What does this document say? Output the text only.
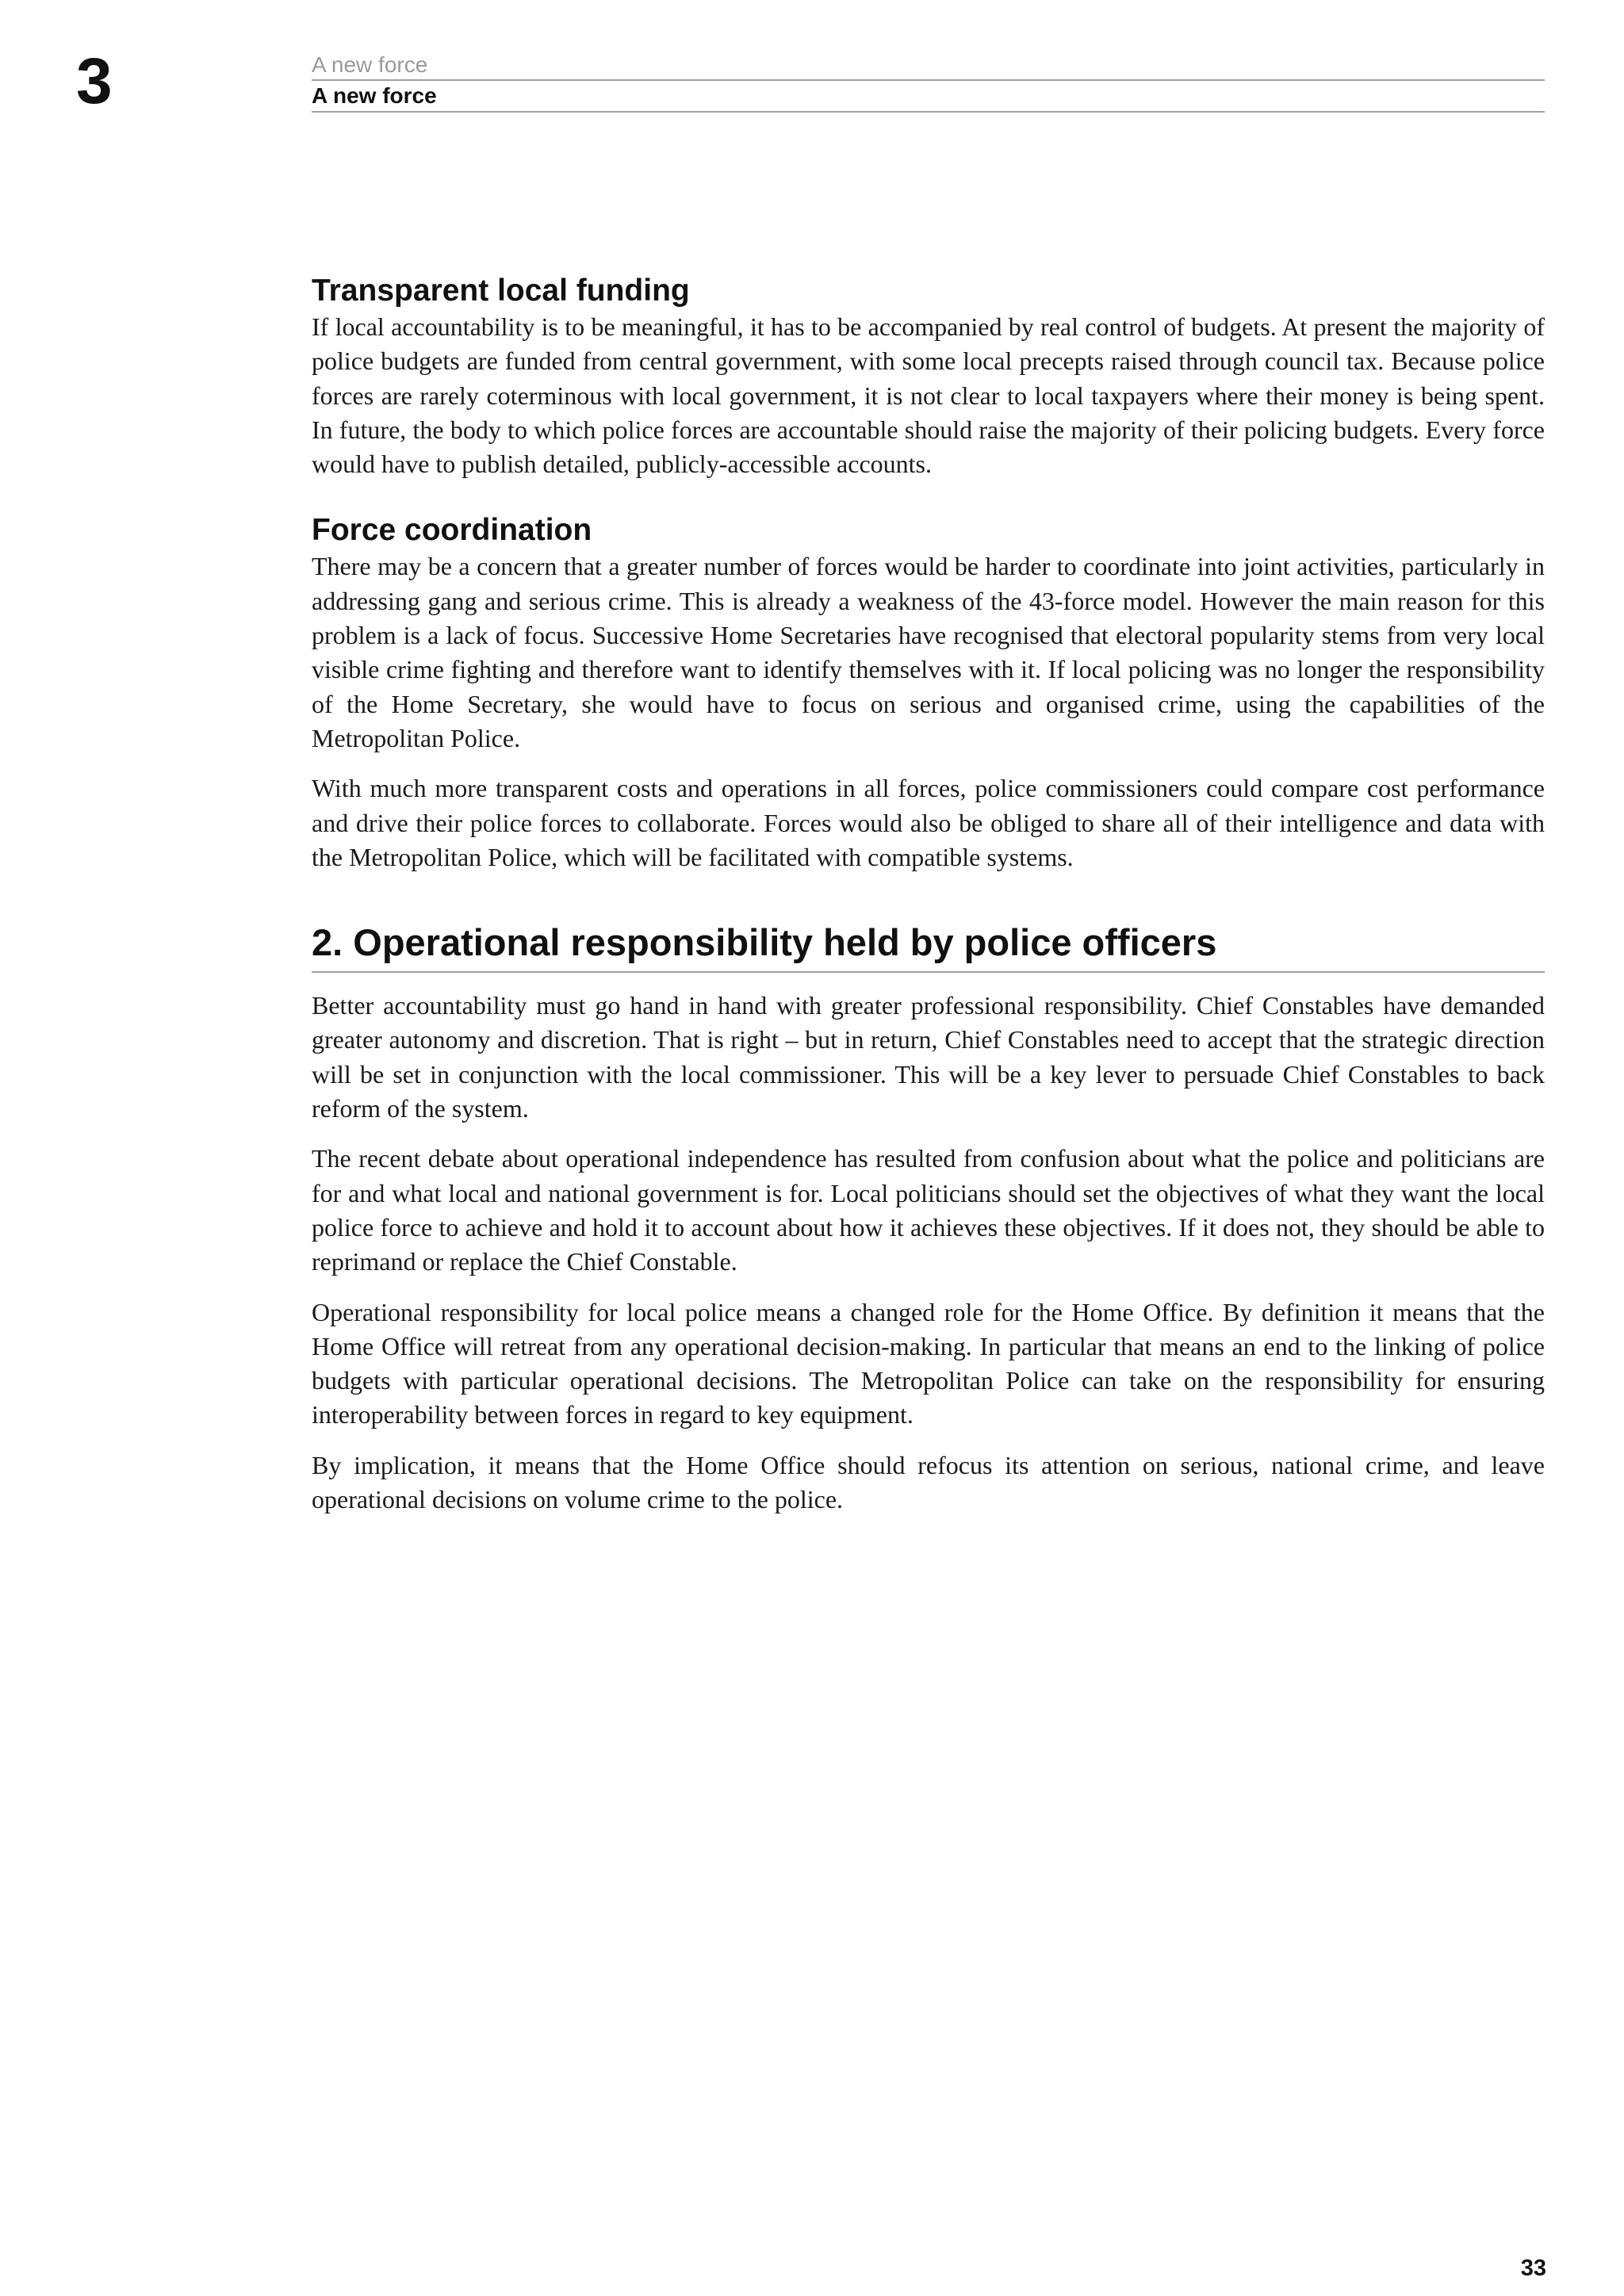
3	A new force
A new force
Transparent local funding

If local accountability is to be meaningful, it has to be accompanied by real control of budgets. At present the majority of police budgets are funded from central government, with some local precepts raised through council tax. Because police forces are rarely coterminous with local government, it is not clear to local taxpayers where their money is being spent. In future, the body to which police forces are accountable should raise the majority of their policing budgets. Every force would have to publish detailed, publicly-accessible accounts.

Force coordination

There may be a concern that a greater number of forces would be harder to coordinate into joint activities, particularly in addressing gang and serious crime. This is already a weakness of the 43-force model. However the main reason for this problem is a lack of focus. Successive Home Secretaries have recognised that electoral popularity stems from very local visible crime fighting and therefore want to identify themselves with it. If local policing was no longer the responsibility of the Home Secretary, she would have to focus on serious and organised crime, using the capabilities of the Metropolitan Police.

With much more transparent costs and operations in all forces, police commissioners could compare cost performance and drive their police forces to collaborate. Forces would also be obliged to share all of their intelligence and data with the Metropolitan Police, which will be facilitated with compatible systems.

2. Operational responsibility held by police officers

Better accountability must go hand in hand with greater professional responsibility. Chief Constables have demanded greater autonomy and discretion. That is right – but in return, Chief Constables need to accept that the strategic direction will be set in conjunction with the local commissioner. This will be a key lever to persuade Chief Constables to back reform of the system.

The recent debate about operational independence has resulted from confusion about what the police and politicians are for and what local and national government is for. Local politicians should set the objectives of what they want the local police force to achieve and hold it to account about how it achieves these objectives. If it does not, they should be able to reprimand or replace the Chief Constable.

Operational responsibility for local police means a changed role for the Home Office. By definition it means that the Home Office will retreat from any operational decision-making. In particular that means an end to the linking of police budgets with particular operational decisions. The Metropolitan Police can take on the responsibility for ensuring interoperability between forces in regard to key equipment.

By implication, it means that the Home Office should refocus its attention on serious, national crime, and leave operational decisions on volume crime to the police.

33
